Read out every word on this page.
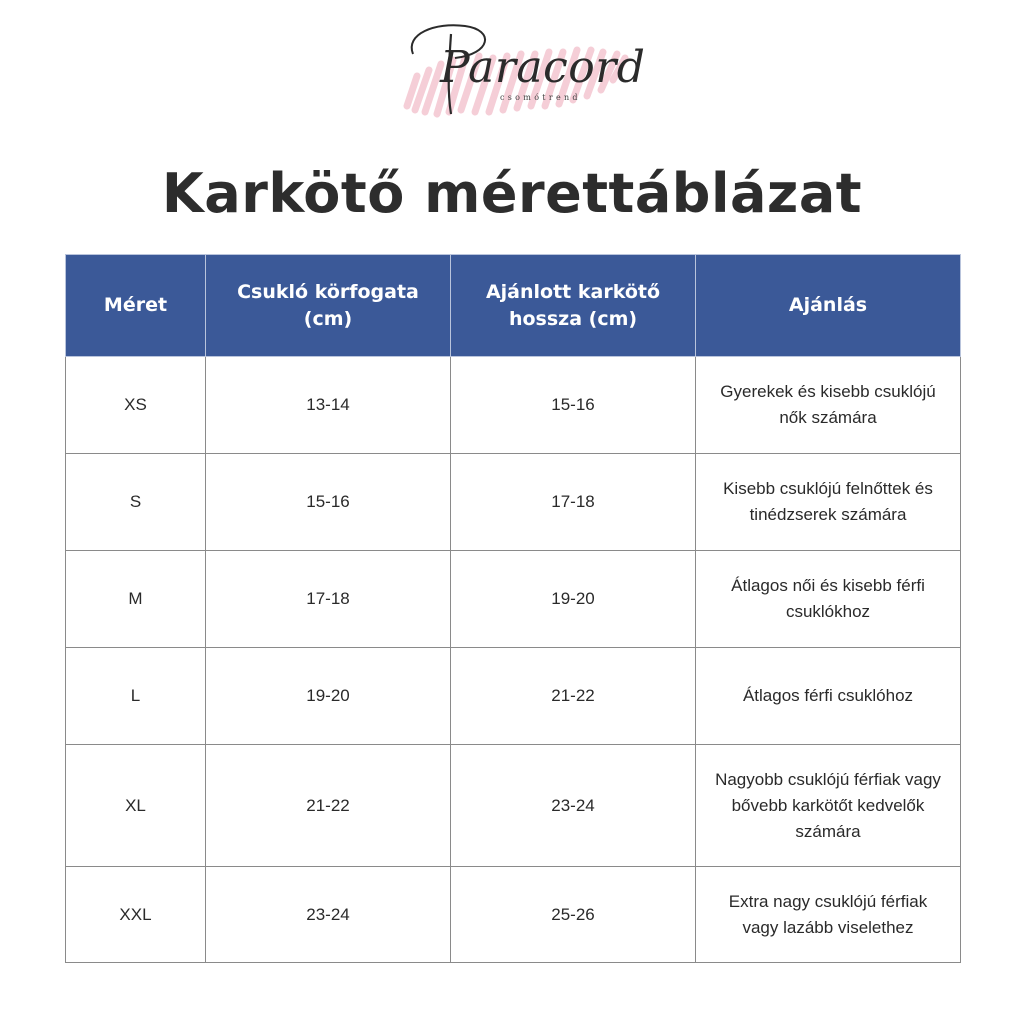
Paracord
csomótrend
Karkötő mérettáblázat
Méret	Csukló körfogata (cm)	Ajánlott karkötő hossza (cm)	Ajánlás
XS	13-14	15-16	Gyerekek és kisebb csuklójú nők számára
S	15-16	17-18	Kisebb csuklójú felnőttek és tinédzserek számára
M	17-18	19-20	Átlagos női és kisebb férfi csuklókhoz
L	19-20	21-22	Átlagos férfi csuklóhoz
XL	21-22	23-24	Nagyobb csuklójú férfiak vagy bővebb karkötőt kedvelők számára
XXL	23-24	25-26	Extra nagy csuklójú férfiak vagy lazább viselethez
